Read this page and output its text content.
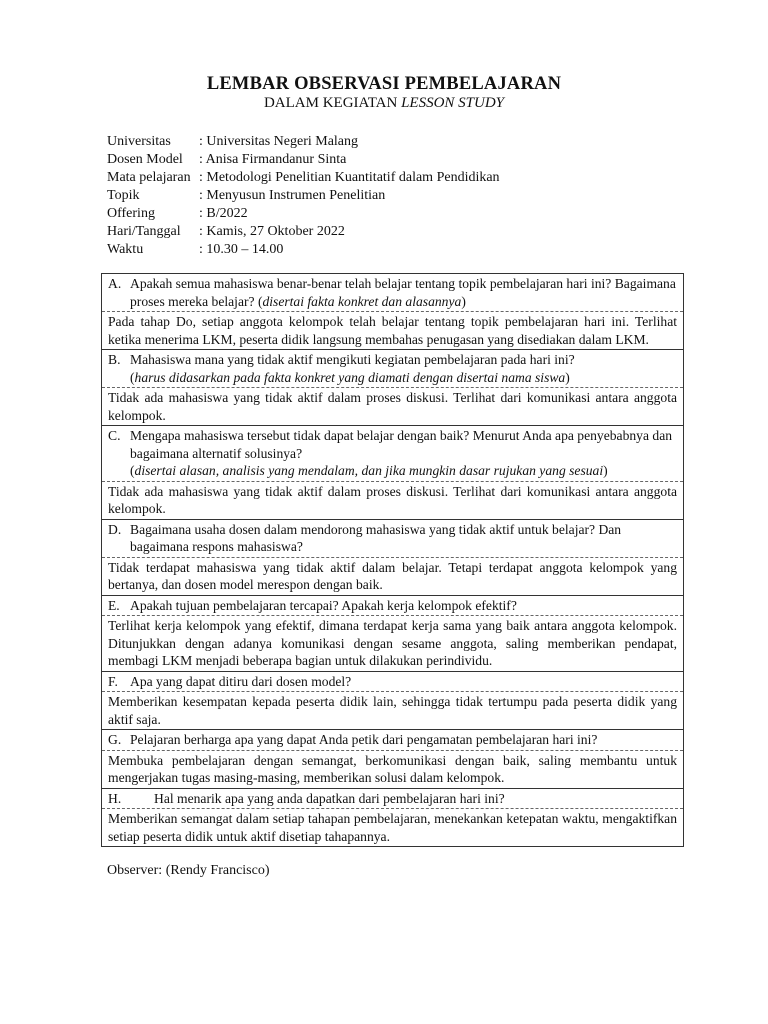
LEMBAR OBSERVASI PEMBELAJARAN
DALAM KEGIATAN LESSON STUDY
Universitas	: Universitas Negeri Malang
Dosen Model	: Anisa Firmandanur Sinta
Mata pelajaran : Metodologi Penelitian Kuantitatif dalam Pendidikan
Topik	: Menyusun Instrumen Penelitian
Offering	: B/2022
Hari/Tanggal	: Kamis, 27 Oktober 2022
Waktu	: 10.30 – 14.00
A. Apakah semua mahasiswa benar-benar telah belajar tentang topik pembelajaran hari ini? Bagaimana proses mereka belajar? (disertai fakta konkret dan alasannya)
Pada tahap Do, setiap anggota kelompok telah belajar tentang topik pembelajaran hari ini. Terlihat ketika menerima LKM, peserta didik langsung membahas penugasan yang disediakan dalam LKM.
B. Mahasiswa mana yang tidak aktif mengikuti kegiatan pembelajaran pada hari ini?
(harus didasarkan pada fakta konkret yang diamati dengan disertai nama siswa)
Tidak ada mahasiswa yang tidak aktif dalam proses diskusi. Terlihat dari komunikasi antara anggota kelompok.
C. Mengapa mahasiswa tersebut tidak dapat belajar dengan baik? Menurut Anda apa penyebabnya dan bagaimana alternatif solusinya?
(disertai alasan, analisis yang mendalam, dan jika mungkin dasar rujukan yang sesuai)
Tidak ada mahasiswa yang tidak aktif dalam proses diskusi. Terlihat dari komunikasi antara anggota kelompok.
D. Bagaimana usaha dosen dalam mendorong mahasiswa yang tidak aktif untuk belajar? Dan bagaimana respons mahasiswa?
Tidak terdapat mahasiswa yang tidak aktif dalam belajar. Tetapi terdapat anggota kelompok yang bertanya, dan dosen model merespon dengan baik.
E. Apakah tujuan pembelajaran tercapai? Apakah kerja kelompok efektif?
Terlihat kerja kelompok yang efektif, dimana terdapat kerja sama yang baik antara anggota kelompok. Ditunjukkan dengan adanya komunikasi dengan sesame anggota, saling memberikan pendapat, membagi LKM menjadi beberapa bagian untuk dilakukan perindividu.
F. Apa yang dapat ditiru dari dosen model?
Memberikan kesempatan kepada peserta didik lain, sehingga tidak tertumpu pada peserta didik yang aktif saja.
G. Pelajaran berharga apa yang dapat Anda petik dari pengamatan pembelajaran hari ini?
Membuka pembelajaran dengan semangat, berkomunikasi dengan baik, saling membantu untuk mengerjakan tugas masing-masing, memberikan solusi dalam kelompok.
H.	Hal menarik apa yang anda dapatkan dari pembelajaran hari ini?
Memberikan semangat dalam setiap tahapan pembelajaran, menekankan ketepatan waktu, mengaktifkan setiap peserta didik untuk aktif disetiap tahapannya.
Observer: (Rendy Francisco)
